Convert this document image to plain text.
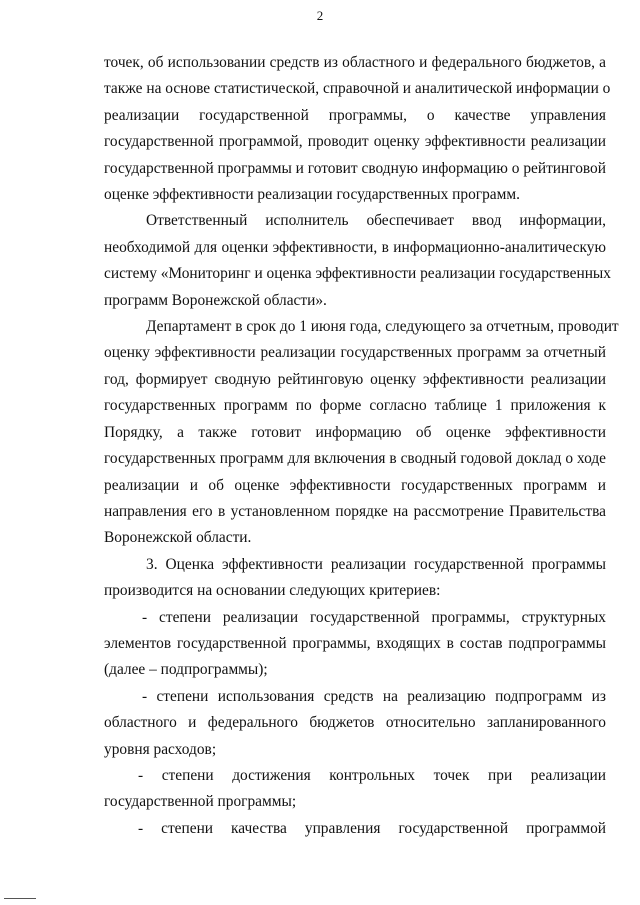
2
точек, об использовании средств из областного и федерального бюджетов, а
также на основе статистической, справочной и аналитической информации о
реализации государственной программы, о качестве управления
государственной программой, проводит оценку эффективности реализации
государственной программы и готовит сводную информацию о рейтинговой
оценке эффективности реализации государственных программ.
Ответственный исполнитель обеспечивает ввод информации,
необходимой для оценки эффективности, в информационно-аналитическую
систему «Мониторинг и оценка эффективности реализации государственных
программ Воронежской области».
Департамент в срок до 1 июня года, следующего за отчетным, проводит
оценку эффективности реализации государственных программ за отчетный
год, формирует сводную рейтинговую оценку эффективности реализации
государственных программ по форме согласно таблице 1 приложения к
Порядку, а также готовит информацию об оценке эффективности
государственных программ для включения в сводный годовой доклад о ходе
реализации и об оценке эффективности государственных программ и
направления его в установленном порядке на рассмотрение Правительства
Воронежской области.
3. Оценка эффективности реализации государственной программы
производится на основании следующих критериев:
- степени реализации государственной программы, структурных
элементов государственной программы, входящих в состав подпрограммы
(далее – подпрограммы);
- степени использования средств на реализацию подпрограмм из
областного и федерального бюджетов относительно запланированного
уровня расходов;
- степени достижения контрольных точек при реализации
государственной программы;
- степени качества управления государственной программой
